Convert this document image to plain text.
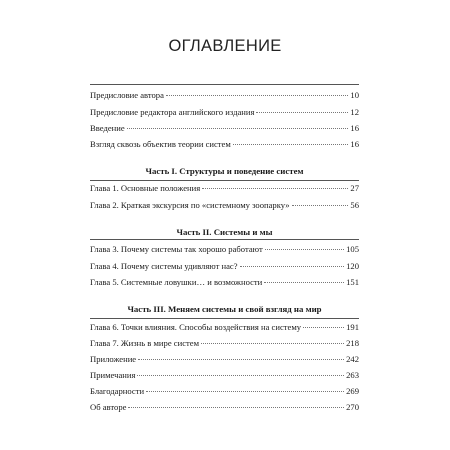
ОГЛАВЛЕНИЕ
Предисловие автора	10
Предисловие редактора английского издания	12
Введение	16
Взгляд сквозь объектив теории систем	16
Часть I. Структуры и поведение систем
Глава 1. Основные положения	27
Глава 2. Краткая экскурсия по «системному зоопарку»	56
Часть II. Системы и мы
Глава 3. Почему системы так хорошо работают	105
Глава 4. Почему системы удивляют нас?	120
Глава 5. Системные ловушки… и возможности	151
Часть III. Меняем системы и свой взгляд на мир
Глава 6. Точки влияния. Способы воздействия на систему	191
Глава 7. Жизнь в мире систем	218
Приложение	242
Примечания	263
Благодарности	269
Об авторе	270
